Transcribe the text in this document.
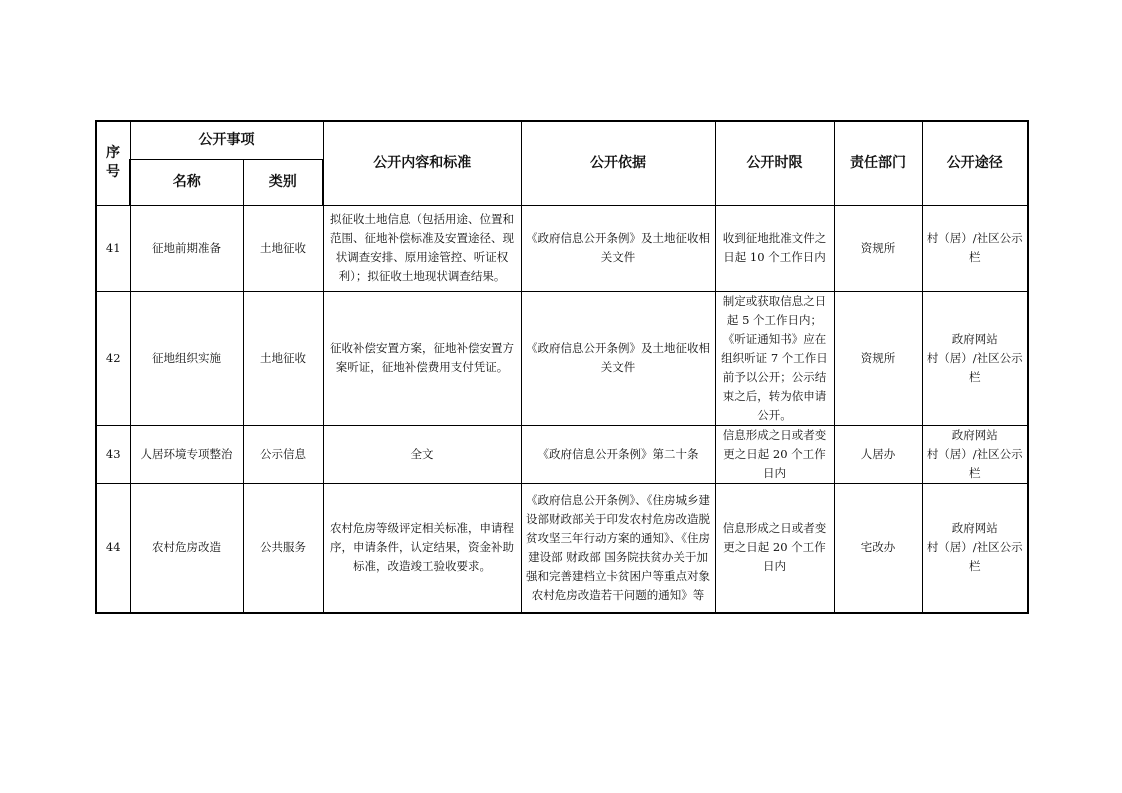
序号	公开事项		公开内容和标准	公开依据	公开时限	责任部门	公开途径
	名称	类别					
41	征地前期准备	土地征收	拟征收土地信息（包括用途、位置和范围、征地补偿标准及安置途径、现状调查安排、原用途管控、听证权利）；拟征收土地现状调查结果。	《政府信息公开条例》及土地征收相关文件	收到征地批准文件之日起 10 个工作日内	资规所	村（居）/社区公示栏

42	征地组织实施	土地征收	征收补偿安置方案，征地补偿安置方案听证，征地补偿费用支付凭证。	《政府信息公开条例》及土地征收相关文件	制定或获取信息之日起 5 个工作日内；《听证通知书》应在组织听证 7 个工作日前予以公开；公示结束之后，转为依申请公开。	资规所	政府网站
村（居）/社区公示栏

43	人居环境专项整治	公示信息	全文	《政府信息公开条例》第二十条	信息形成之日或者变更之日起 20 个工作日内	人居办	政府网站
村（居）/社区公示栏

44	农村危房改造	公共服务	农村危房等级评定相关标准，申请程序，申请条件，认定结果，资金补助标准，改造竣工验收要求。	《政府信息公开条例》、《住房城乡建设部财政部关于印发农村危房改造脱贫攻坚三年行动方案的通知》、《住房建设部 财政部 国务院扶贫办关于加强和完善建档立卡贫困户等重点对象农村危房改造若干问题的通知》等	信息形成之日或者变更之日起 20 个工作日内	宅改办	政府网站
村（居）/社区公示栏
